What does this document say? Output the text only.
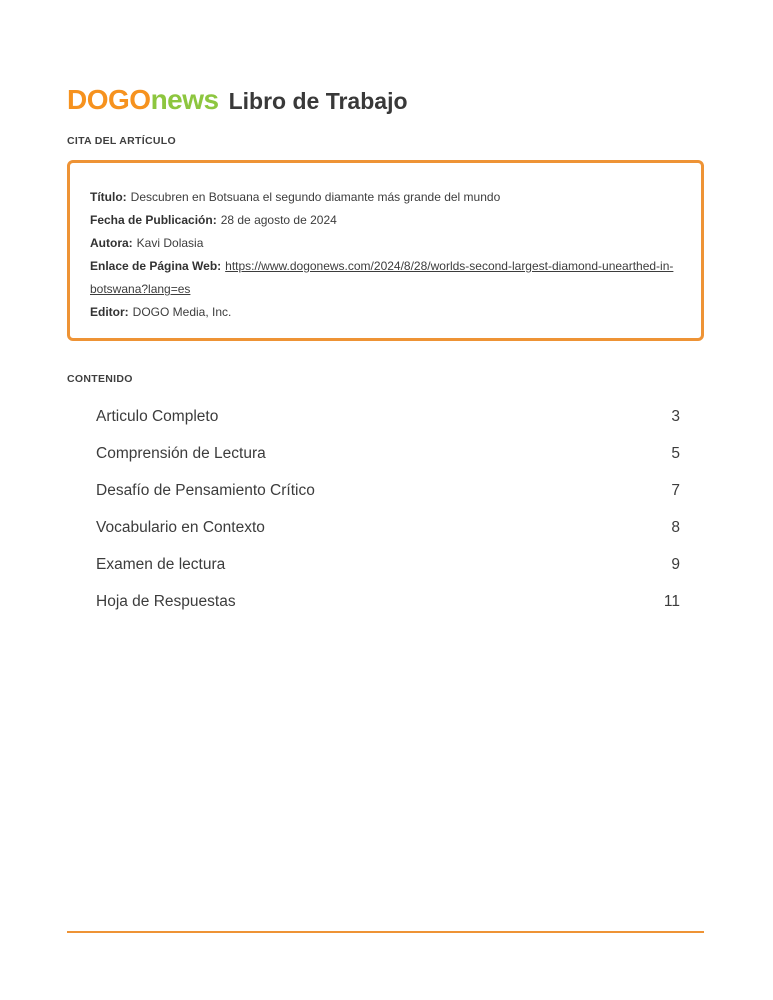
DOGOnews Libro de Trabajo
CITA DEL ARTÍCULO

Título: Descubren en Botsuana el segundo diamante más grande del mundo

Fecha de Publicación: 28 de agosto de 2024

Autora: Kavi Dolasia

Enlace de Página Web: https://www.dogonews.com/2024/8/28/worlds-second-largest-diamond-unearthed-in-botswana?lang=es

Editor: DOGO Media, Inc.

CONTENIDO
Articulo Completo	3
Comprensión de Lectura	5
Desafío de Pensamiento Crítico	7
Vocabulario en Contexto	8
Examen de lectura	9
Hoja de Respuestas	11
